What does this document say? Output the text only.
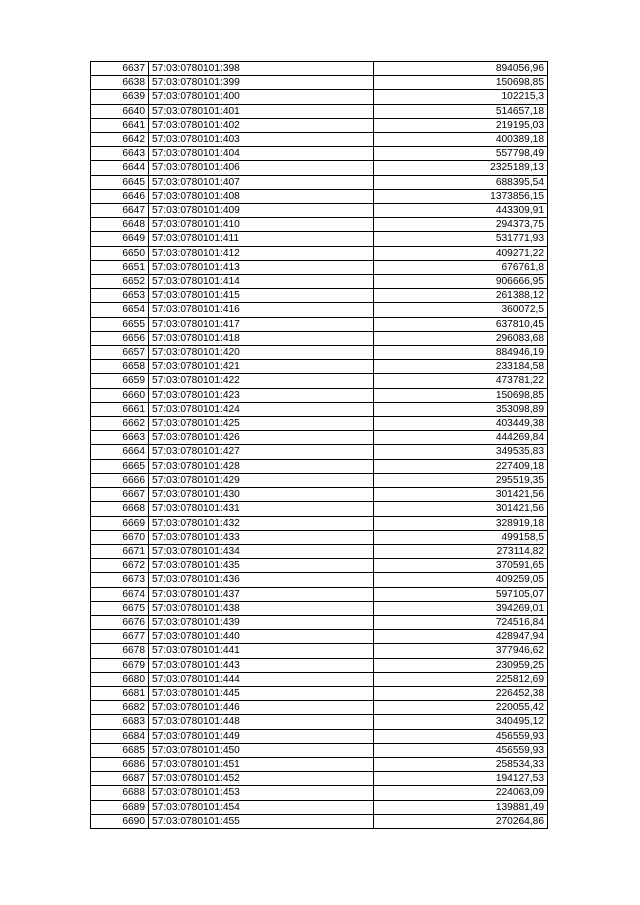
6637	57:03:0780101:398	894056,96
6638	57:03:0780101:399	150698,85
6639	57:03:0780101:400	102215,3
6640	57:03:0780101:401	514657,18
6641	57:03:0780101:402	219195,03
6642	57:03:0780101:403	400389,18
6643	57:03:0780101:404	557798,49
6644	57:03:0780101:406	2325189,13
6645	57:03:0780101:407	688395,54
6646	57:03:0780101:408	1373856,15
6647	57:03:0780101:409	443309,91
6648	57:03:0780101:410	294373,75
6649	57:03:0780101:411	531771,93
6650	57:03:0780101:412	409271,22
6651	57:03:0780101:413	676761,8
6652	57:03:0780101:414	906666,95
6653	57:03:0780101:415	261388,12
6654	57:03:0780101:416	360072,5
6655	57:03:0780101:417	637810,45
6656	57:03:0780101:418	296083,68
6657	57:03:0780101:420	884946,19
6658	57:03:0780101:421	233184,58
6659	57:03:0780101:422	473781,22
6660	57:03:0780101:423	150698,85
6661	57:03:0780101:424	353098,89
6662	57:03:0780101:425	403449,38
6663	57:03:0780101:426	444269,84
6664	57:03:0780101:427	349535,83
6665	57:03:0780101:428	227409,18
6666	57:03:0780101:429	295519,35
6667	57:03:0780101:430	301421,56
6668	57:03:0780101:431	301421,56
6669	57:03:0780101:432	328919,18
6670	57:03:0780101:433	499158,5
6671	57:03:0780101:434	273114,82
6672	57:03:0780101:435	370591,65
6673	57:03:0780101:436	409259,05
6674	57:03:0780101:437	597105,07
6675	57:03:0780101:438	394269,01
6676	57:03:0780101:439	724516,84
6677	57:03:0780101:440	428947,94
6678	57:03:0780101:441	377946,62
6679	57:03:0780101:443	230959,25
6680	57:03:0780101:444	225812,69
6681	57:03:0780101:445	226452,38
6682	57:03:0780101:446	220055,42
6683	57:03:0780101:448	340495,12
6684	57:03:0780101:449	456559,93
6685	57:03:0780101:450	456559,93
6686	57:03:0780101:451	258534,33
6687	57:03:0780101:452	194127,53
6688	57:03:0780101:453	224063,09
6689	57:03:0780101:454	139881,49
6690	57:03:0780101:455	270264,86
